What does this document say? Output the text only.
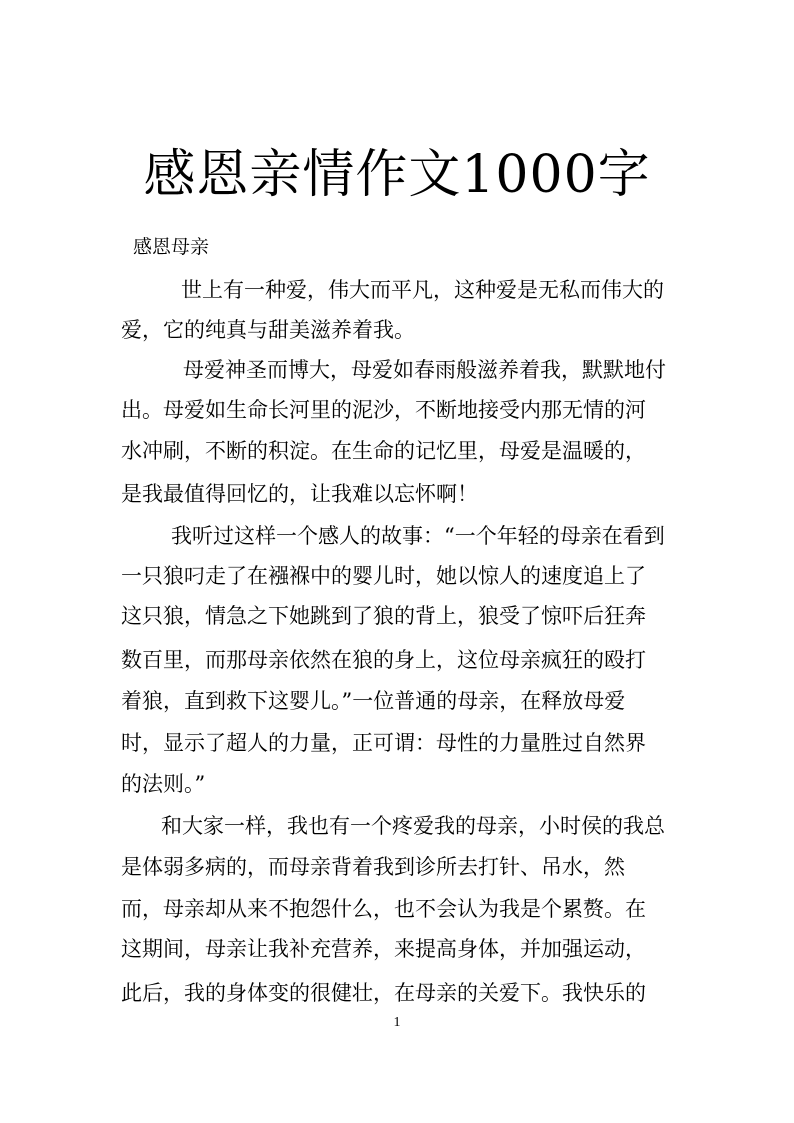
感恩亲情作文1000字
感恩母亲
世上有一种爱，伟大而平凡，这种爱是无私而伟大的
爱，它的纯真与甜美滋养着我。
母爱神圣而博大，母爱如春雨般滋养着我，默默地付
出。母爱如生命长河里的泥沙，不断地接受内那无情的河
水冲刷，不断的积淀。在生命的记忆里，母爱是温暖的，
是我最值得回忆的，让我难以忘怀啊！
我听过这样一个感人的故事：“一个年轻的母亲在看到
一只狼叼走了在襁褓中的婴儿时，她以惊人的速度追上了
这只狼，情急之下她跳到了狼的背上，狼受了惊吓后狂奔
数百里，而那母亲依然在狼的身上，这位母亲疯狂的殴打
着狼，直到救下这婴儿。”一位普通的母亲，在释放母爱
时，显示了超人的力量，正可谓：母性的力量胜过自然界
的法则。”
和大家一样，我也有一个疼爱我的母亲，小时侯的我总
是体弱多病的，而母亲背着我到诊所去打针、吊水，然
而，母亲却从来不抱怨什么，也不会认为我是个累赘。在
这期间，母亲让我补充营养，来提高身体，并加强运动，
此后，我的身体变的很健壮，在母亲的关爱下。我快乐的
1
